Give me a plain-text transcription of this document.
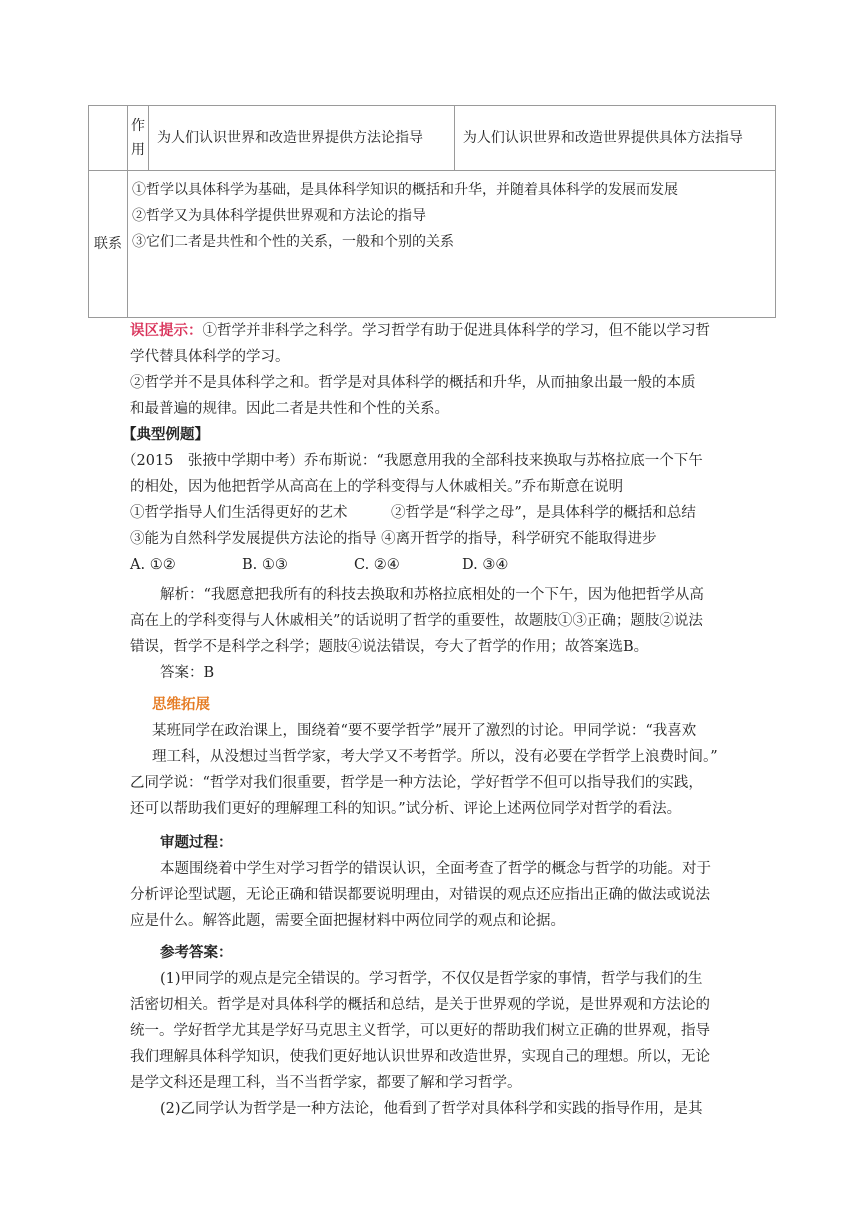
	作用	为人们认识世界和改造世界提供方法论指导	为人们认识世界和改造世界提供具体方法指导
联系	①哲学以具体科学为基础，是具体科学知识的概括和升华，并随着具体科学的发展而发展
②哲学又为具体科学提供世界观和方法论的指导
③它们二者是共性和个性的关系，一般和个别的关系		
误区提示：①哲学并非科学之科学。学习哲学有助于促进具体科学的学习，但不能以学习哲
学代替具体科学的学习。
②哲学并不是具体科学之和。哲学是对具体科学的概括和升华，从而抽象出最一般的本质
和最普遍的规律。因此二者是共性和个性的关系。
【典型例题】
（2015　张掖中学期中考）乔布斯说：“我愿意用我的全部科技来换取与苏格拉底一个下午
的相处，因为他把哲学从高高在上的学科变得与人休戚相关。”乔布斯意在说明
①哲学指导人们生活得更好的艺术　　　②哲学是“科学之母”，是具体科学的概括和总结
③能为自然科学发展提供方法论的指导 ④离开哲学的指导，科学研究不能取得进步
A. ①②	B. ①③	C. ②④	D. ③④
解析：“我愿意把我所有的科技去换取和苏格拉底相处的一个下午，因为他把哲学从高
高在上的学科变得与人休戚相关”的话说明了哲学的重要性，故题肢①③正确；题肢②说法
错误，哲学不是科学之科学；题肢④说法错误，夸大了哲学的作用；故答案选B。
答案：B
思维拓展
某班同学在政治课上，围绕着“要不要学哲学”展开了激烈的讨论。甲同学说：“我喜欢
理工科，从没想过当哲学家，考大学又不考哲学。所以，没有必要在学哲学上浪费时间。”
乙同学说：“哲学对我们很重要，哲学是一种方法论，学好哲学不但可以指导我们的实践，
还可以帮助我们更好的理解理工科的知识。”试分析、评论上述两位同学对哲学的看法。
审题过程：
本题围绕着中学生对学习哲学的错误认识，全面考查了哲学的概念与哲学的功能。对于
分析评论型试题，无论正确和错误都要说明理由，对错误的观点还应指出正确的做法或说法
应是什么。解答此题，需要全面把握材料中两位同学的观点和论据。
参考答案：
(1)甲同学的观点是完全错误的。学习哲学，不仅仅是哲学家的事情，哲学与我们的生
活密切相关。哲学是对具体科学的概括和总结，是关于世界观的学说，是世界观和方法论的
统一。学好哲学尤其是学好马克思主义哲学，可以更好的帮助我们树立正确的世界观，指导
我们理解具体科学知识，使我们更好地认识世界和改造世界，实现自己的理想。所以，无论
是学文科还是理工科，当不当哲学家，都要了解和学习哲学。
(2)乙同学认为哲学是一种方法论，他看到了哲学对具体科学和实践的指导作用，是其
